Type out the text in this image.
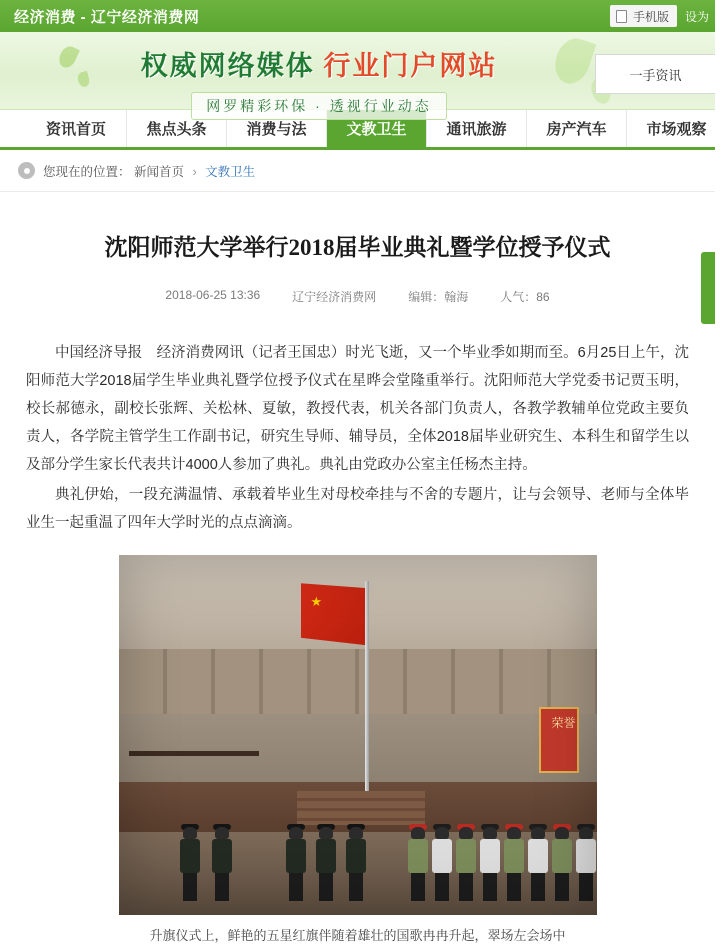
经济消费 - 辽宁经济消费网	手机版 设为
权威网络媒体 行业门户网站
网罗精彩环保 · 透视行业动态
一手资讯
资讯首页	焦点头条	消费与法	文教卫生	通讯旅游	房产汽车	市场观察
您现在的位置： 新闻首页 › 文教卫生
沈阳师范大学举行2018届毕业典礼暨学位授予仪式
2018-06-25 13:36	辽宁经济消费网	编辑：翰海	人气：86

中国经济导报　经济消费网讯（记者王国忠）时光飞逝，又一个毕业季如期而至。6月25日上午，沈阳师范大学2018届学生毕业典礼暨学位授予仪式在星晔会堂隆重举行。沈阳师范大学党委书记贾玉明，校长郝德永，副校长张辉、关松林、夏敏，教授代表，机关各部门负责人，各教学教辅单位党政主要负责人，各学院主管学生工作副书记，研究生导师、辅导员，全体2018届毕业研究生、本科生和留学生以及部分学生家长代表共计4000人参加了典礼。典礼由党政办公室主任杨杰主持。

典礼伊始，一段充满温情、承载着毕业生对母校牵挂与不舍的专题片，让与会领导、老师与全体毕业生一起重温了四年大学时光的点点滴滴。

★
荣誉
升旗仪式上，鲜艳的五星红旗伴随着雄壮的国歌冉冉升起，翠场左会场中
